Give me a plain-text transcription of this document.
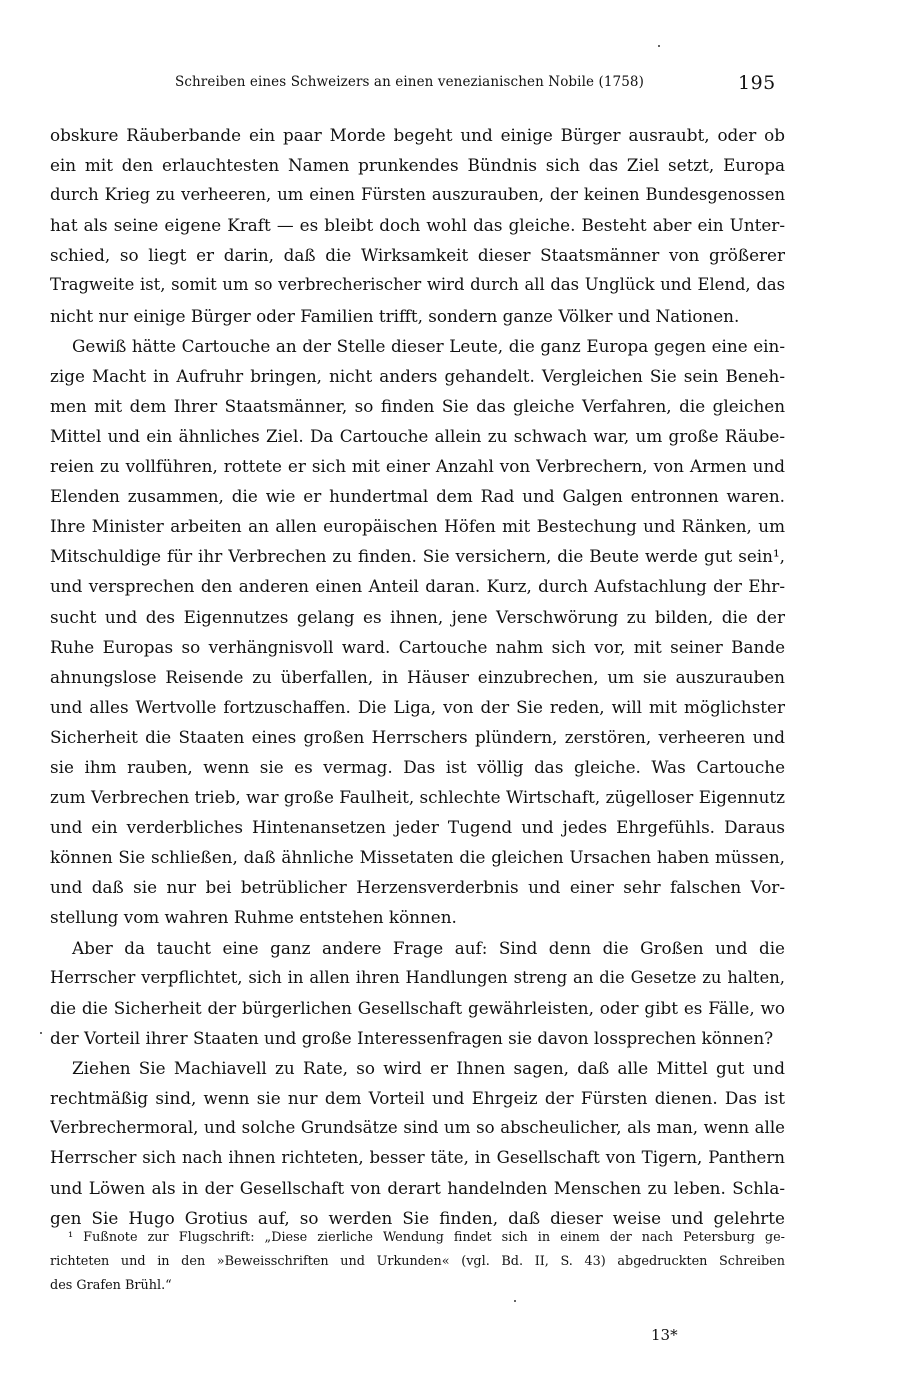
Schreiben eines Schweizers an einen venezianischen Nobile (1758)	195
obskure Räuberbande ein paar Morde begeht und einige Bürger ausraubt, oder ob
ein mit den erlauchtesten Namen prunkendes Bündnis sich das Ziel setzt, Europa
durch Krieg zu verheeren, um einen Fürsten auszurauben, der keinen Bundesgenossen
hat als seine eigene Kraft — es bleibt doch wohl das gleiche. Besteht aber ein Unter-
schied, so liegt er darin, daß die Wirksamkeit dieser Staatsmänner von größerer
Tragweite ist, somit um so verbrecherischer wird durch all das Unglück und Elend, das
nicht nur einige Bürger oder Familien trifft, sondern ganze Völker und Nationen.
Gewiß hätte Cartouche an der Stelle dieser Leute, die ganz Europa gegen eine ein-
zige Macht in Aufruhr bringen, nicht anders gehandelt. Vergleichen Sie sein Beneh-
men mit dem Ihrer Staatsmänner, so finden Sie das gleiche Verfahren, die gleichen
Mittel und ein ähnliches Ziel. Da Cartouche allein zu schwach war, um große Räube-
reien zu vollführen, rottete er sich mit einer Anzahl von Verbrechern, von Armen und
Elenden zusammen, die wie er hundertmal dem Rad und Galgen entronnen waren.
Ihre Minister arbeiten an allen europäischen Höfen mit Bestechung und Ränken, um
Mitschuldige für ihr Verbrechen zu finden. Sie versichern, die Beute werde gut sein¹,
und versprechen den anderen einen Anteil daran. Kurz, durch Aufstachlung der Ehr-
sucht und des Eigennutzes gelang es ihnen, jene Verschwörung zu bilden, die der
Ruhe Europas so verhängnisvoll ward. Cartouche nahm sich vor, mit seiner Bande
ahnungslose Reisende zu überfallen, in Häuser einzubrechen, um sie auszurauben
und alles Wertvolle fortzuschaffen. Die Liga, von der Sie reden, will mit möglichster
Sicherheit die Staaten eines großen Herrschers plündern, zerstören, verheeren und
sie ihm rauben, wenn sie es vermag. Das ist völlig das gleiche. Was Cartouche
zum Verbrechen trieb, war große Faulheit, schlechte Wirtschaft, zügelloser Eigennutz
und ein verderbliches Hintenansetzen jeder Tugend und jedes Ehrgefühls. Daraus
können Sie schließen, daß ähnliche Missetaten die gleichen Ursachen haben müssen,
und daß sie nur bei betrüblicher Herzensverderbnis und einer sehr falschen Vor-
stellung vom wahren Ruhme entstehen können.
Aber da taucht eine ganz andere Frage auf: Sind denn die Großen und die
Herrscher verpflichtet, sich in allen ihren Handlungen streng an die Gesetze zu halten,
die die Sicherheit der bürgerlichen Gesellschaft gewährleisten, oder gibt es Fälle, wo
der Vorteil ihrer Staaten und große Interessenfragen sie davon lossprechen können?
Ziehen Sie Machiavell zu Rate, so wird er Ihnen sagen, daß alle Mittel gut und
rechtmäßig sind, wenn sie nur dem Vorteil und Ehrgeiz der Fürsten dienen. Das ist
Verbrechermoral, und solche Grundsätze sind um so abscheulicher, als man, wenn alle
Herrscher sich nach ihnen richteten, besser täte, in Gesellschaft von Tigern, Panthern
und Löwen als in der Gesellschaft von derart handelnden Menschen zu leben. Schla-
gen Sie Hugo Grotius auf, so werden Sie finden, daß dieser weise und gelehrte
¹ Fußnote zur Flugschrift: „Diese zierliche Wendung findet sich in einem der nach Petersburg ge-
richteten und in den »Beweisschriften und Urkunden« (vgl. Bd. II, S. 43) abgedruckten Schreiben
des Grafen Brühl.“
13*
